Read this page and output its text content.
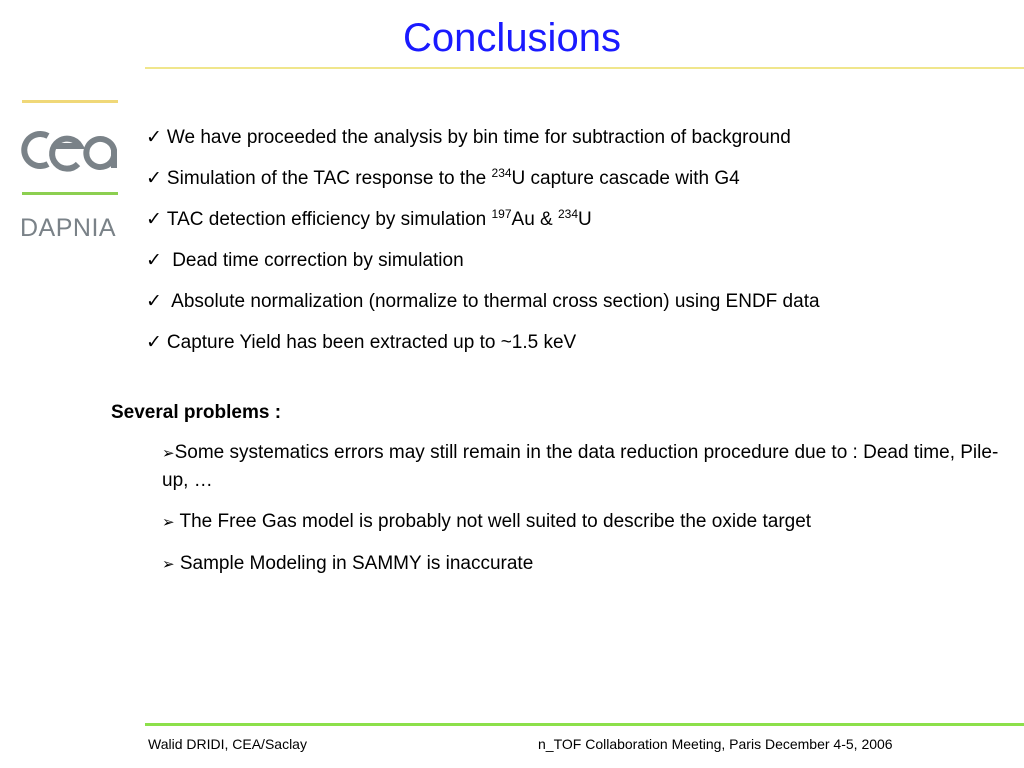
Conclusions
DAPNIA
✓ We have proceeded the analysis by bin time for subtraction of background
✓ Simulation of the TAC response to the $^{234}$U capture cascade with G4
✓ TAC detection efficiency by simulation $^{197}$Au & $^{234}$U
✓ Dead time correction by simulation
✓ Absolute normalization (normalize to thermal cross section) using ENDF data
✓ Capture Yield has been extracted up to ~1.5 keV
Several problems :
➢Some systematics errors may still remain in the data reduction procedure due to : Dead time, Pile-up, …
➢ The Free Gas model is probably not well suited to describe the oxide target
➢ Sample Modeling in SAMMY is inaccurate
Walid DRIDI, CEA/Saclay	n_TOF Collaboration Meeting, Paris December 4-5, 2006
